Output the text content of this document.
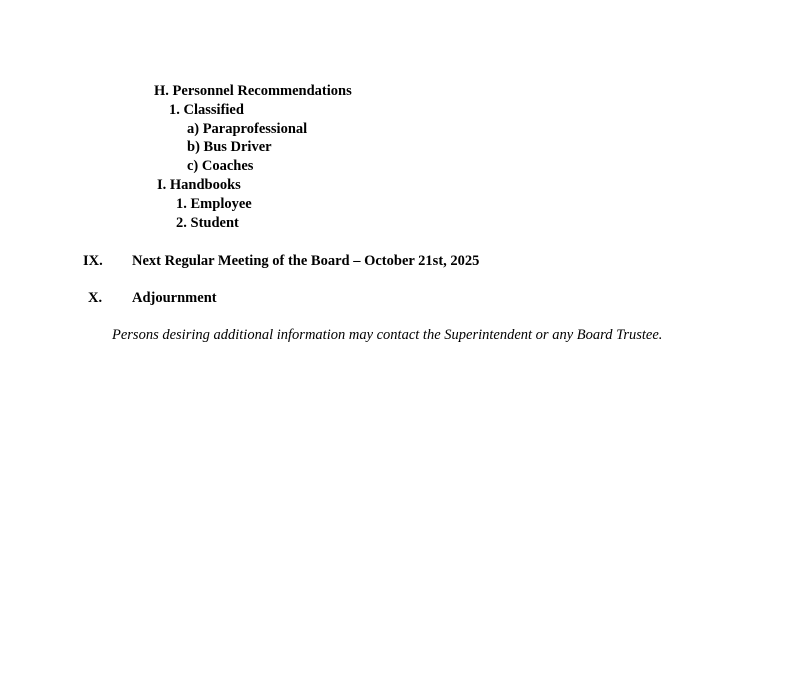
H. Personnel Recommendations
1. Classified
a) Paraprofessional
b) Bus Driver
c) Coaches
I. Handbooks
1. Employee
2. Student
IX. Next Regular Meeting of the Board – October 21st, 2025
X. Adjournment
Persons desiring additional information may contact the Superintendent or any Board Trustee.
